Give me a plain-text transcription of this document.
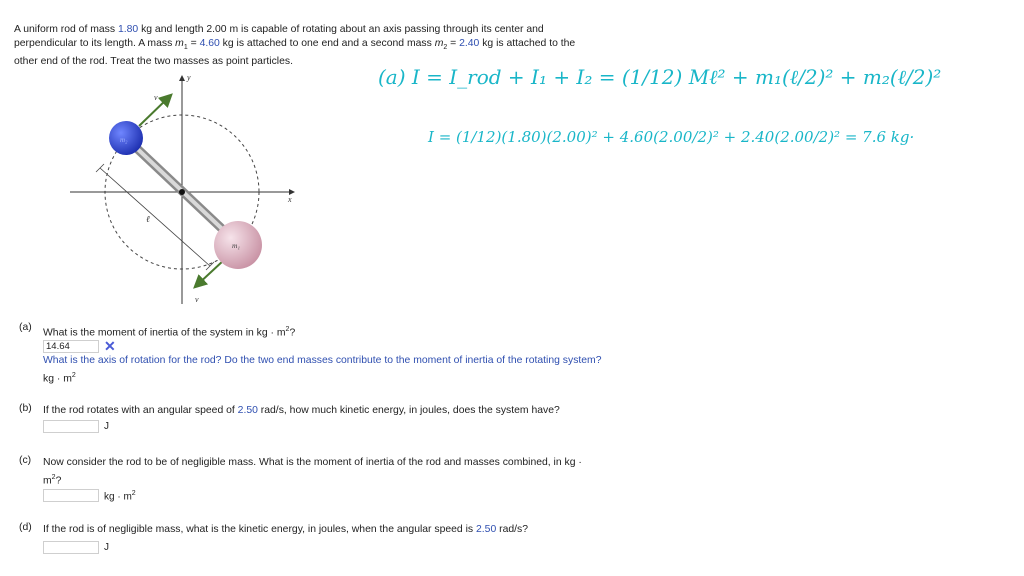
A uniform rod of mass 1.80 kg and length 2.00 m is capable of rotating about an axis passing through its center and perpendicular to its length. A mass $m_1 = 4.60$ kg is attached to one end and a second mass $m_2 = 2.40$ kg is attached to the other end of the rod. Treat the two masses as point particles.
x
y
ℓ
v
v
m₂
m₁
(a) I = I_rod + I₁ + I₂ = (1/12) Mℓ² + m₁(ℓ/2)² + m₂(ℓ/2)²
I = (1/12)(1.80)(2.00)² + 4.60(2.00/2)² + 2.40(2.00/2)² = 7.6 kg·
(a)	What is the moment of inertia of the system in kg · $m^2$?
14.64
✕
What is the axis of rotation for the rod? Do the two end masses contribute to the moment of inertia of the rotating system? kg · $m^2$
(b)	If the rod rotates with an angular speed of 2.50 rad/s, how much kinetic energy, in joules, does the system have?
J
(c)	Now consider the rod to be of negligible mass. What is the moment of inertia of the rod and masses combined, in kg · $m^2$?
kg · $m^2$
(d)	If the rod is of negligible mass, what is the kinetic energy, in joules, when the angular speed is 2.50 rad/s?
J
